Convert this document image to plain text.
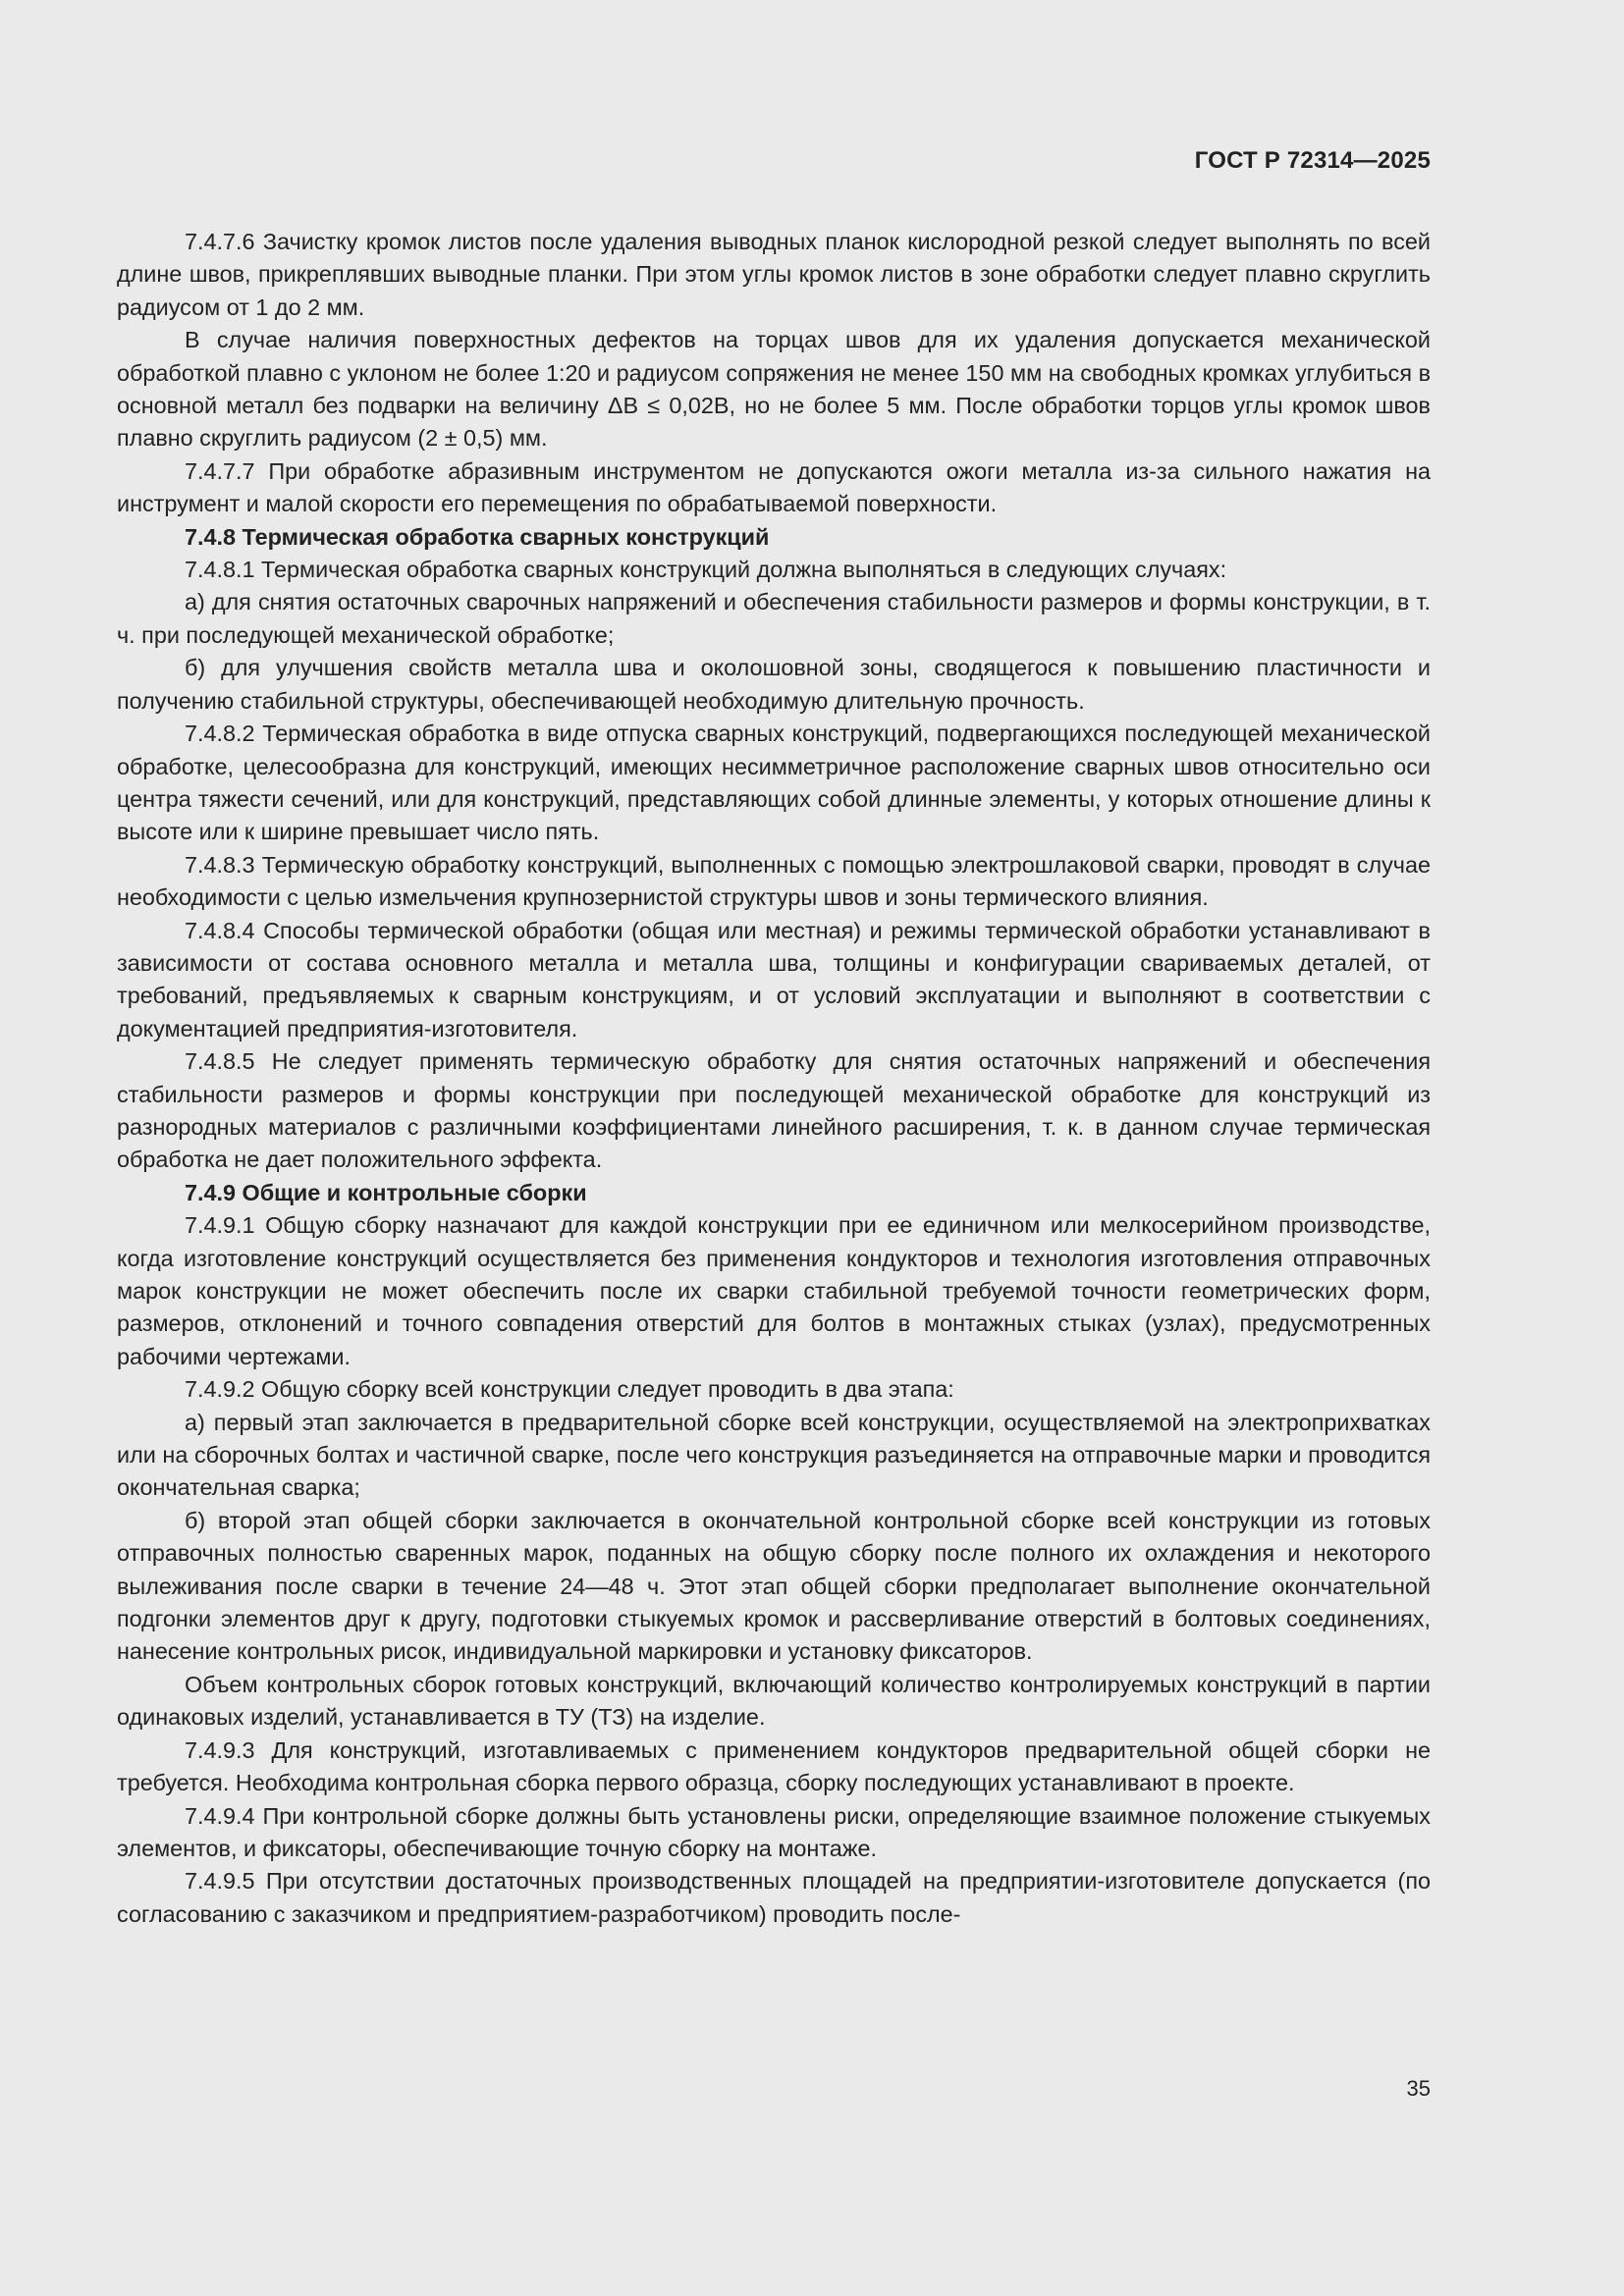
ГОСТ Р 72314—2025

7.4.7.6 Зачистку кромок листов после удаления выводных планок кислородной резкой следует выполнять по всей длине швов, прикреплявших выводные планки. При этом углы кромок листов в зоне обработки следует плавно скруглить радиусом от 1 до 2 мм.

В случае наличия поверхностных дефектов на торцах швов для их удаления допускается механической обработкой плавно с уклоном не более 1:20 и радиусом сопряжения не менее 150 мм на свободных кромках углубиться в основной металл без подварки на величину ΔB ≤ 0,02B, но не более 5 мм. После обработки торцов углы кромок швов плавно скруглить радиусом (2 ± 0,5) мм.

7.4.7.7 При обработке абразивным инструментом не допускаются ожоги металла из-за сильного нажатия на инструмент и малой скорости его перемещения по обрабатываемой поверхности.

7.4.8 Термическая обработка сварных конструкций

7.4.8.1 Термическая обработка сварных конструкций должна выполняться в следующих случаях:

а) для снятия остаточных сварочных напряжений и обеспечения стабильности размеров и формы конструкции, в т. ч. при последующей механической обработке;

б) для улучшения свойств металла шва и околошовной зоны, сводящегося к повышению пластичности и получению стабильной структуры, обеспечивающей необходимую длительную прочность.

7.4.8.2 Термическая обработка в виде отпуска сварных конструкций, подвергающихся последующей механической обработке, целесообразна для конструкций, имеющих несимметричное расположение сварных швов относительно оси центра тяжести сечений, или для конструкций, представляющих собой длинные элементы, у которых отношение длины к высоте или к ширине превышает число пять.

7.4.8.3 Термическую обработку конструкций, выполненных с помощью электрошлаковой сварки, проводят в случае необходимости с целью измельчения крупнозернистой структуры швов и зоны термического влияния.

7.4.8.4 Способы термической обработки (общая или местная) и режимы термической обработки устанавливают в зависимости от состава основного металла и металла шва, толщины и конфигурации свариваемых деталей, от требований, предъявляемых к сварным конструкциям, и от условий эксплуатации и выполняют в соответствии с документацией предприятия-изготовителя.

7.4.8.5 Не следует применять термическую обработку для снятия остаточных напряжений и обеспечения стабильности размеров и формы конструкции при последующей механической обработке для конструкций из разнородных материалов с различными коэффициентами линейного расширения, т. к. в данном случае термическая обработка не дает положительного эффекта.

7.4.9 Общие и контрольные сборки

7.4.9.1 Общую сборку назначают для каждой конструкции при ее единичном или мелкосерийном производстве, когда изготовление конструкций осуществляется без применения кондукторов и технология изготовления отправочных марок конструкции не может обеспечить после их сварки стабильной требуемой точности геометрических форм, размеров, отклонений и точного совпадения отверстий для болтов в монтажных стыках (узлах), предусмотренных рабочими чертежами.

7.4.9.2 Общую сборку всей конструкции следует проводить в два этапа:

а) первый этап заключается в предварительной сборке всей конструкции, осуществляемой на электроприхватках или на сборочных болтах и частичной сварке, после чего конструкция разъединяется на отправочные марки и проводится окончательная сварка;

б) второй этап общей сборки заключается в окончательной контрольной сборке всей конструкции из готовых отправочных полностью сваренных марок, поданных на общую сборку после полного их охлаждения и некоторого вылеживания после сварки в течение 24—48 ч. Этот этап общей сборки предполагает выполнение окончательной подгонки элементов друг к другу, подготовки стыкуемых кромок и рассверливание отверстий в болтовых соединениях, нанесение контрольных рисок, индивидуальной маркировки и установку фиксаторов.

Объем контрольных сборок готовых конструкций, включающий количество контролируемых конструкций в партии одинаковых изделий, устанавливается в ТУ (ТЗ) на изделие.

7.4.9.3 Для конструкций, изготавливаемых с применением кондукторов предварительной общей сборки не требуется. Необходима контрольная сборка первого образца, сборку последующих устанавливают в проекте.

7.4.9.4 При контрольной сборке должны быть установлены риски, определяющие взаимное положение стыкуемых элементов, и фиксаторы, обеспечивающие точную сборку на монтаже.

7.4.9.5 При отсутствии достаточных производственных площадей на предприятии-изготовителе допускается (по согласованию с заказчиком и предприятием-разработчиком) проводить после-

35
